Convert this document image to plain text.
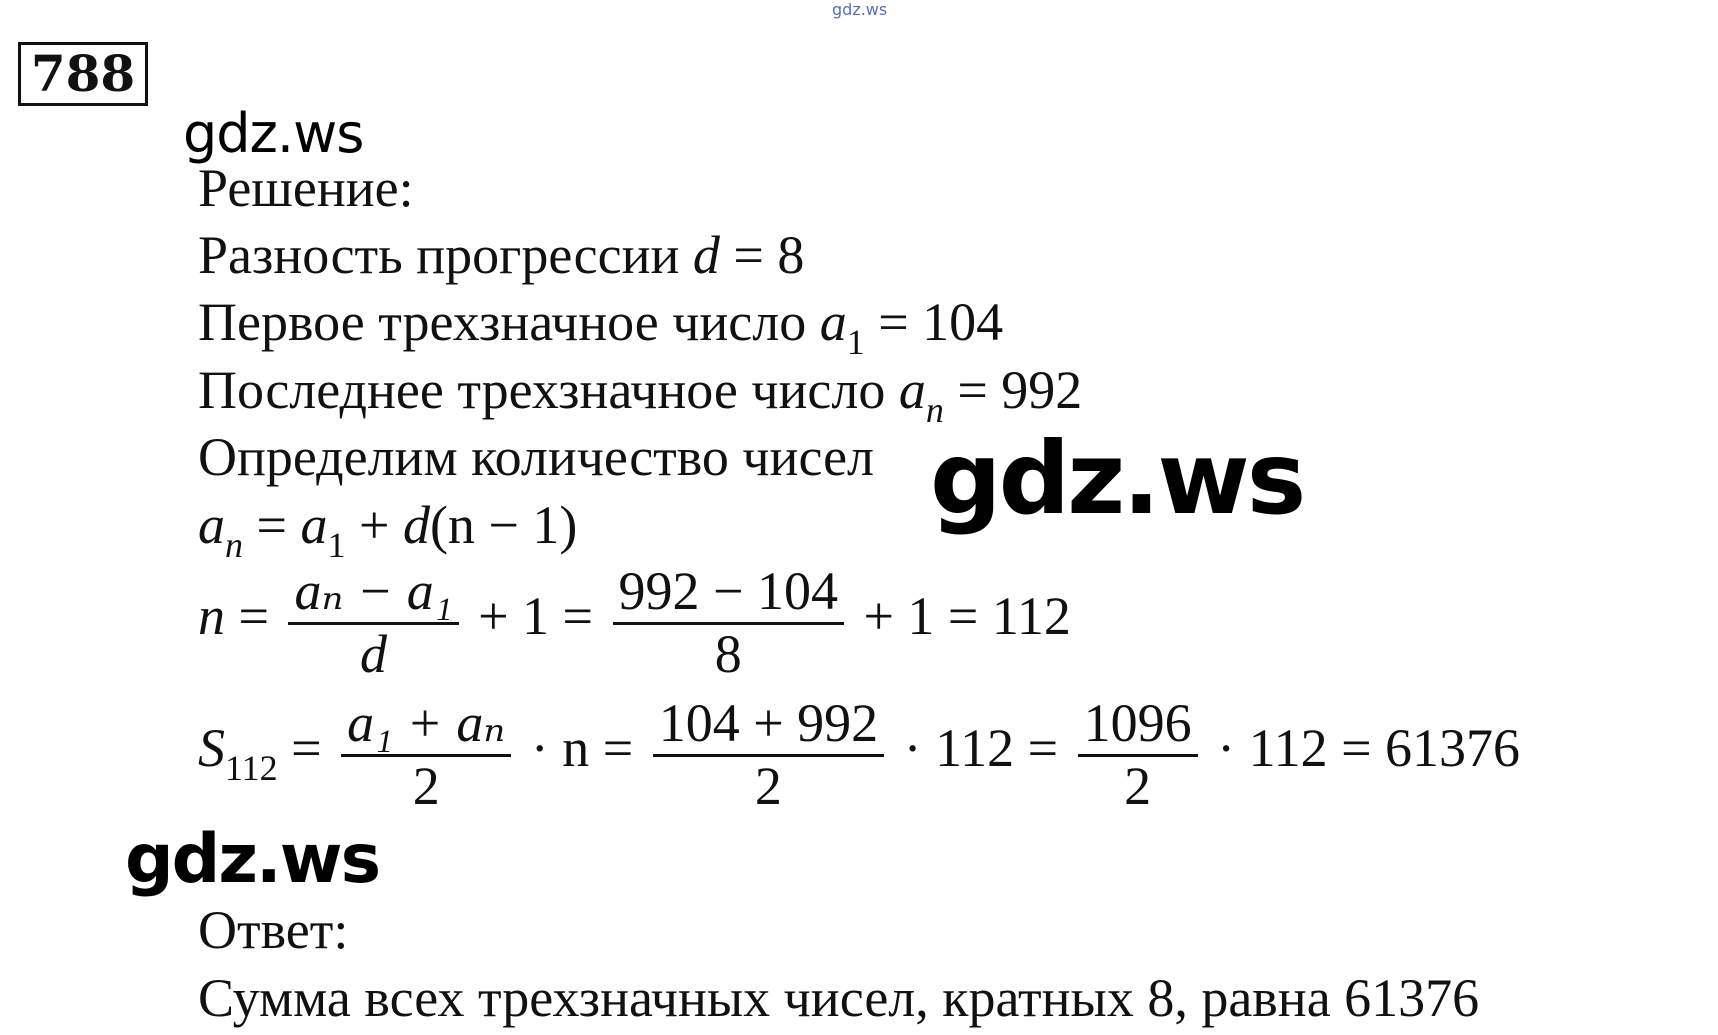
gdz.ws
788
gdz.ws
Решение:
Разность прогрессии d = 8
Первое трехзначное число $a_1 = 104$
Последнее трехзначное число $a_n = 992$
Определим количество чисел gdz.ws
$a_n = a_1 + d(n - 1)$
$n = \frac{\text{aₙ − a₁}}{d} + 1 = \frac{992 - 104}{8} + 1 = 112$
$S_{112} = \frac{\text{a₁ + aₙ}}{2} \cdot n = \frac{104 + 992}{2} \cdot 112 = \frac{1096}{2} \cdot 112 = 61376$
gdz.ws
Ответ:
Сумма всех трехзначных чисел, кратных 8, равна 61376
